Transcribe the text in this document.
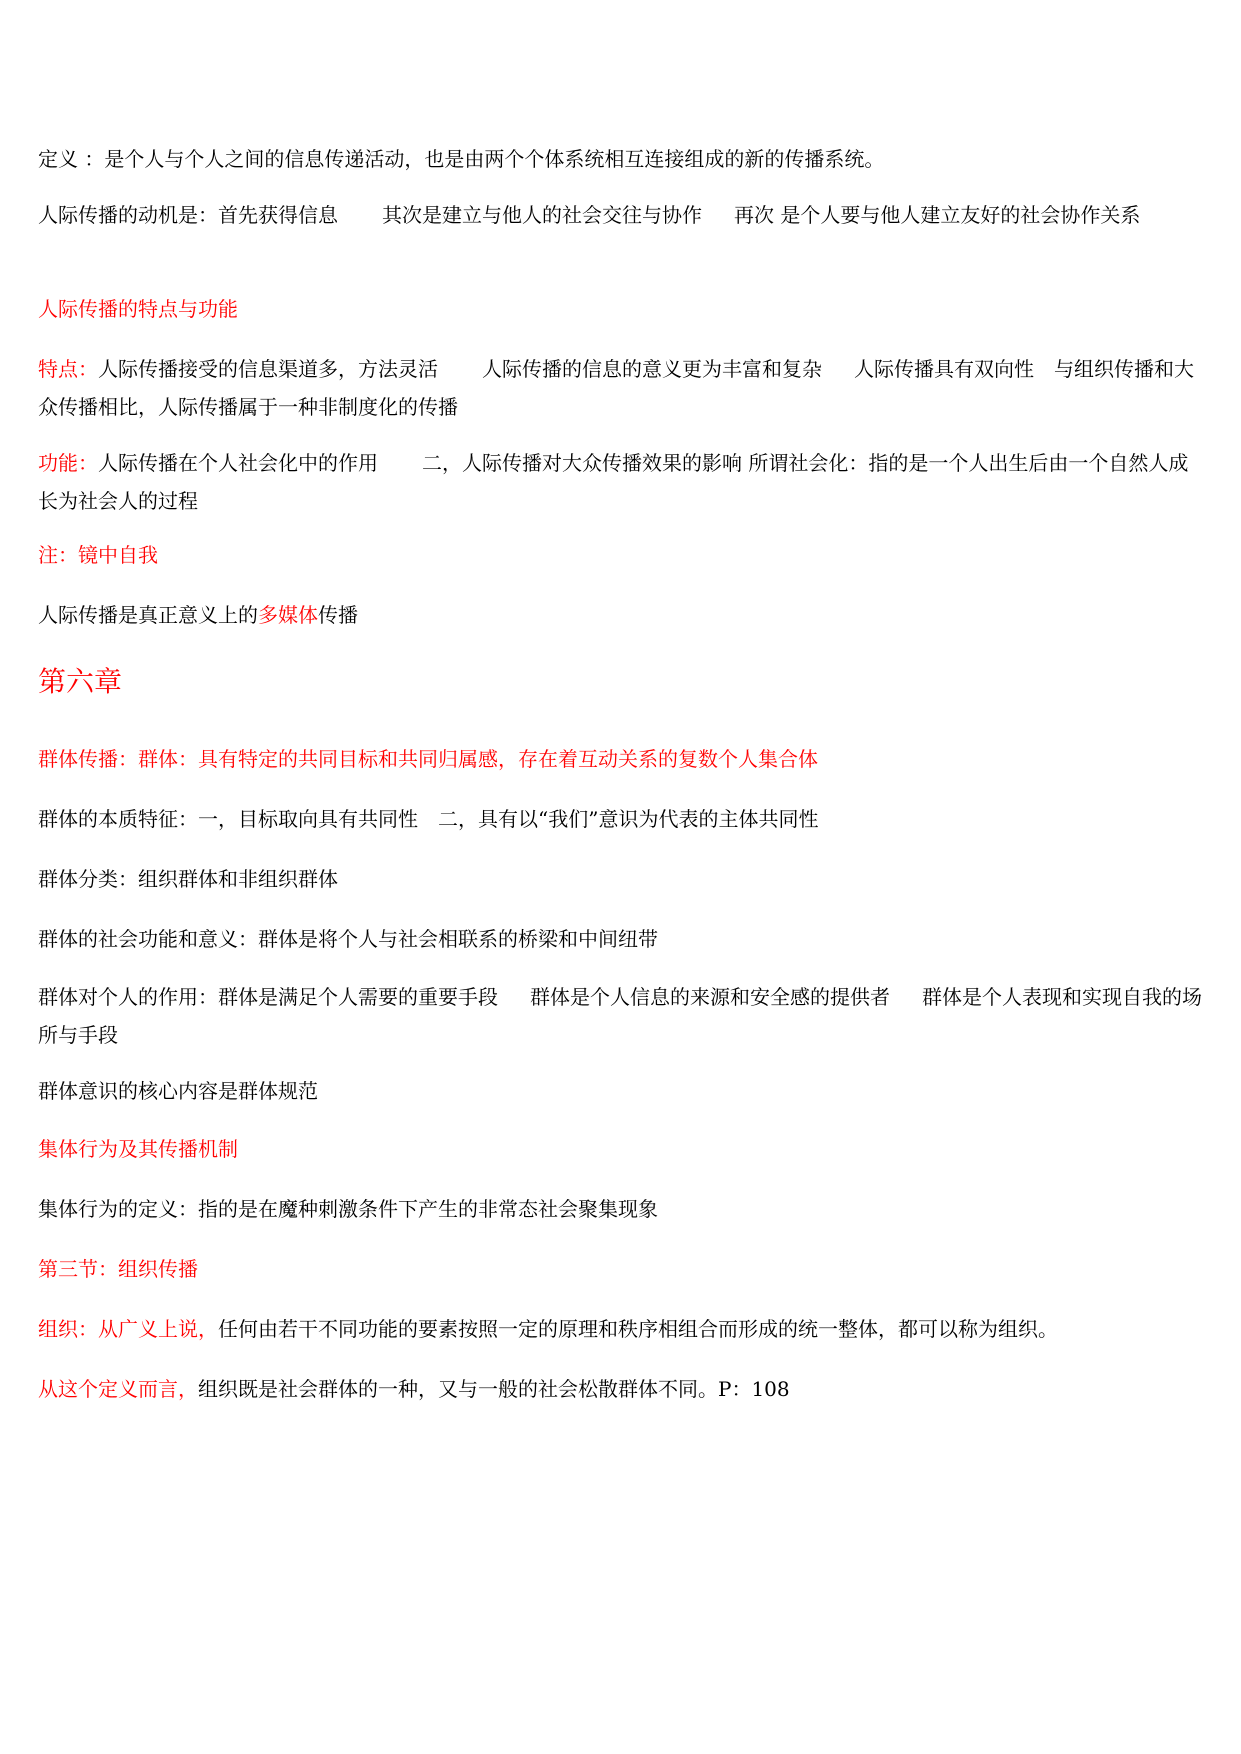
定义 ：是个人与个人之间的信息传递活动，也是由两个个体系统相互连接组成的新的传播系统。

人际传播的动机是：首先获得信息 其次是建立与他人的社会交往与协作 再次 是个人要与他人建立友好的社会协作关系

人际传播的特点与功能

特点：人际传播接受的信息渠道多，方法灵活 人际传播的信息的意义更为丰富和复杂 人际传播具有双向性 与组织传播和大众传播相比，人际传播属于一种非制度化的传播

功能：人际传播在个人社会化中的作用 二，人际传播对大众传播效果的影响 所谓社会化：指的是一个人出生后由一个自然人成长为社会人的过程

注：镜中自我

人际传播是真正意义上的多媒体传播

第六章

群体传播：群体：具有特定的共同目标和共同归属感，存在着互动关系的复数个人集合体

群体的本质特征：一，目标取向具有共同性 二，具有以“我们”意识为代表的主体共同性

群体分类：组织群体和非组织群体

群体的社会功能和意义：群体是将个人与社会相联系的桥梁和中间纽带

群体对个人的作用：群体是满足个人需要的重要手段 群体是个人信息的来源和安全感的提供者 群体是个人表现和实现自我的场所与手段

群体意识的核心内容是群体规范

集体行为及其传播机制

集体行为的定义：指的是在魔种刺激条件下产生的非常态社会聚集现象

第三节：组织传播

组织：从广义上说，任何由若干不同功能的要素按照一定的原理和秩序相组合而形成的统一整体，都可以称为组织。

从这个定义而言，组织既是社会群体的一种，又与一般的社会松散群体不同。P：108
